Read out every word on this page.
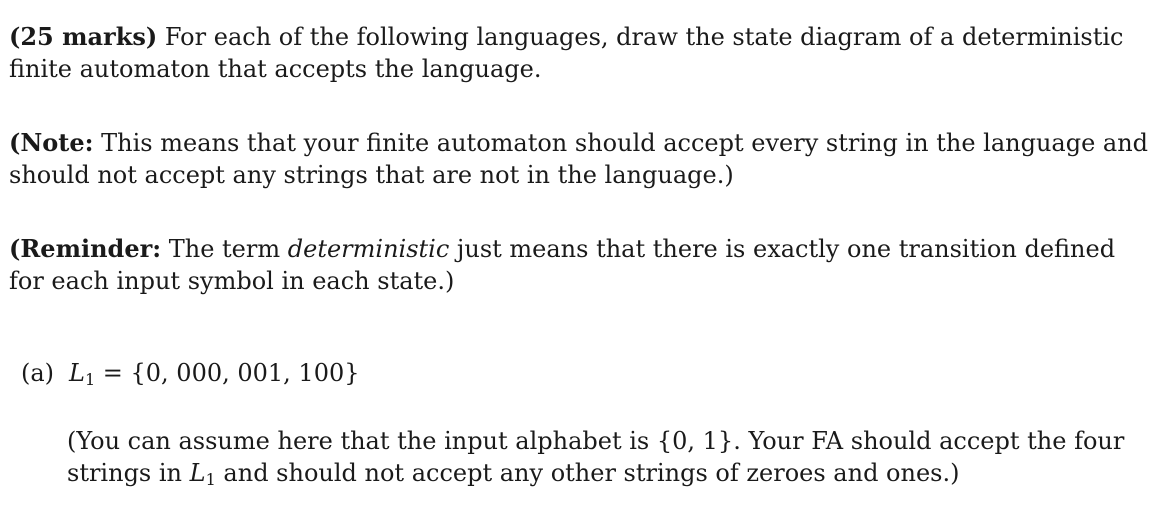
(25 marks) For each of the following languages, draw the state diagram of a deterministic
finite automaton that accepts the language.
(Note: This means that your finite automaton should accept every string in the language and
should not accept any strings that are not in the language.)
(Reminder: The term deterministic just means that there is exactly one transition defined
for each input symbol in each state.)
(a) $L_1 = \{0$, 000, 001, 100}
(You can assume here that the input alphabet is {0, 1}. Your FA should accept the four
strings in $L_1$ and should not accept any other strings of zeroes and ones.)
